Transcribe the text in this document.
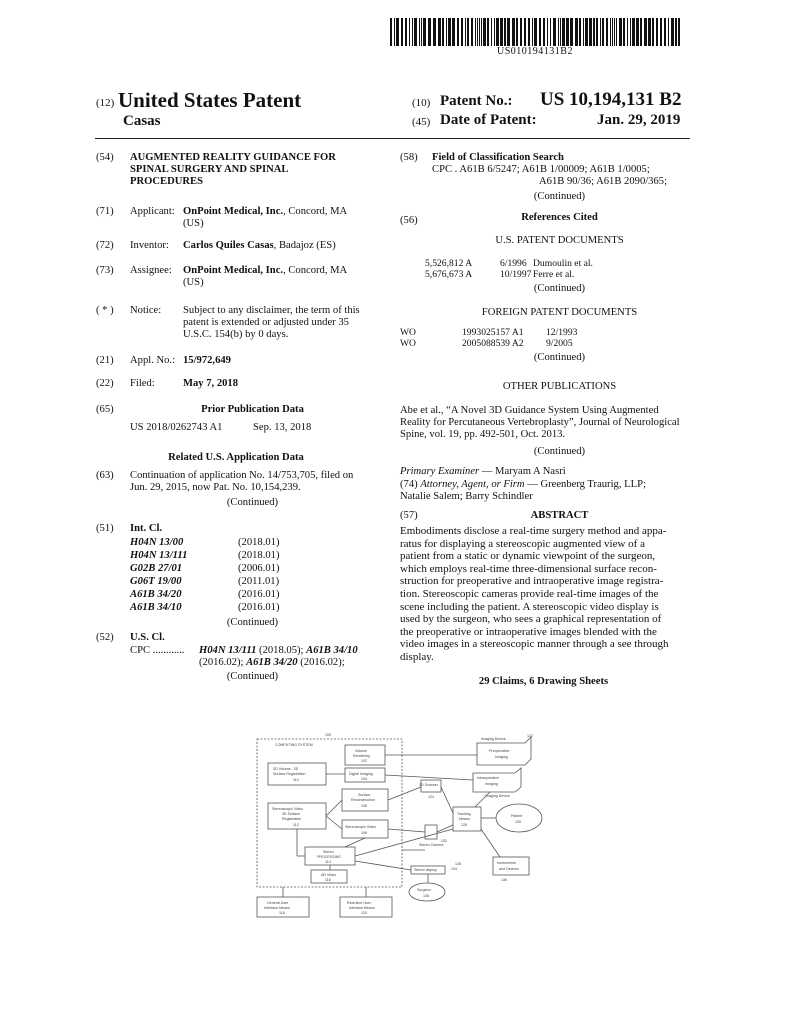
US010194131B2
(12) United States Patent
Casas
(10) Patent No.: US 10,194,131 B2
(45) Date of Patent:	Jan. 29, 2019
(54) AUGMENTED REALITY GUIDANCE FOR
SPINAL SURGERY AND SPINAL
PROCEDURES
(71) Applicant: OnPoint Medical, Inc., Concord, MA
(US)
(72) Inventor: Carlos Quiles Casas, Badajoz (ES)
(73) Assignee: OnPoint Medical, Inc., Concord, MA
(US)
( * ) Notice: Subject to any disclaimer, the term of this
patent is extended or adjusted under 35
U.S.C. 154(b) by 0 days.
(21) Appl. No.: 15/972,649
(22) Filed:	May 7, 2018
(65)	Prior Publication Data
US 2018/0262743 A1	Sep. 13, 2018
Related U.S. Application Data
(63) Continuation of application No. 14/753,705, filed on
Jun. 29, 2015, now Pat. No. 10,154,239.
(Continued)
(51) Int. Cl.
H04N 13/00	(2018.01)
H04N 13/111	(2018.01)
G02B 27/01	(2006.01)
G06T 19/00	(2011.01)
A61B 34/20	(2016.01)
A61B 34/10	(2016.01)
(Continued)
(52) U.S. Cl.
CPC ............ H04N 13/111 (2018.05); A61B 34/10
(2016.02); A61B 34/20 (2016.02);
(Continued)
(58) Field of Classification Search
CPC . A61B 6/5247; A61B 1/00009; A61B 1/0005;
A61B 90/36; A61B 2090/365;
(Continued)
(56)	References Cited
U.S. PATENT DOCUMENTS
5,526,812 A	6/1996 Dumoulin et al.
5,676,673 A	10/1997 Ferre et al.
(Continued)
FOREIGN PATENT DOCUMENTS
WO	1993025157 A1 12/1993
WO	2005088539 A2 9/2005
(Continued)
OTHER PUBLICATIONS
Abe et al., “A Novel 3D Guidance System Using Augmented
Reality for Percutaneous Vertebroplasty”, Journal of Neurological
Spine, vol. 19, pp. 492-501, Oct. 2013.
(Continued)
Primary Examiner — Maryam A Nasri
(74) Attorney, Agent, or Firm — Greenberg Traurig, LLP;
Natalie Salem; Barry Schindler
(57)	ABSTRACT
Embodiments disclose a real-time surgery method and appa-
ratus for displaying a stereoscopic augmented view of a
patient from a static or dynamic viewpoint of the surgeon,
which employs real-time three-dimensional surface recon-
struction for preoperative and intraoperative image registra-
tion. Stereoscopic cameras provide real-time images of the
scene including the patient. A stereoscopic video display is
used by the surgeon, who sees a graphical representation of
the preoperative or intraoperative images blended with the
video images in a stereoscopic manner through a see through
display.
29 Claims, 6 Drawing Sheets
100
COMPUTING SYSTEM
3D Volume - 3D
Surface Registration
110
Stereoscopic Video
3D Surface
Registration
112
Volume
Rendering
102
Digital Imaging
104
Surface
Reconstruction
106
Stereoscopic Video
108
Stereo
PROCESSING
114
AR Video
116
General User
Interface Means
118
Real-time User
Interface Means
120
Imaging Device
122
Preoperative
Imaging
Intraoperative
Imaging
Imaging Device
3D Scanner
124
Tracking
Means
128
Stereo Camera
132
Patient
130
Instruments
and Devices
136
Stereo display	134
Surgeon
138
126
